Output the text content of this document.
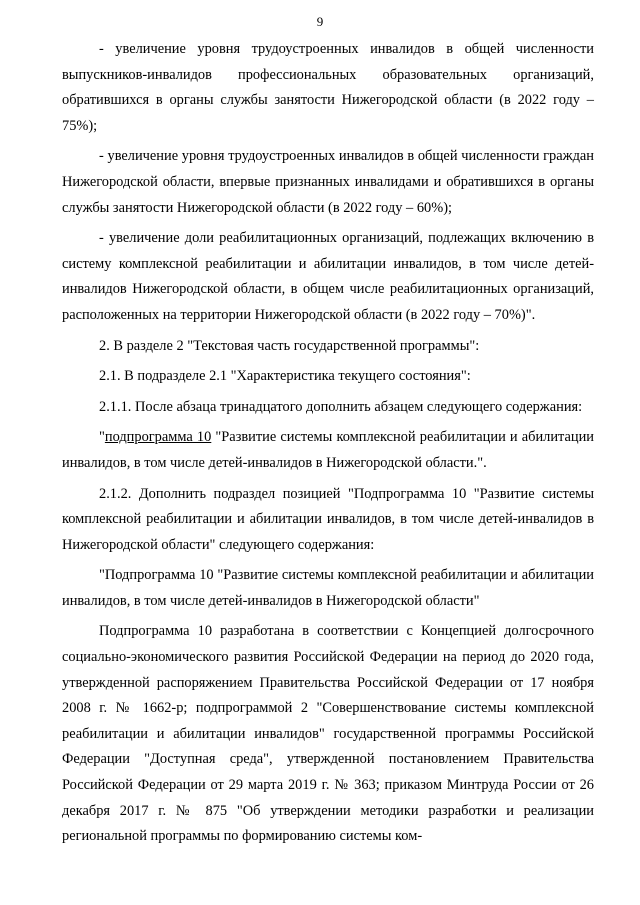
9

- увеличение уровня трудоустроенных инвалидов в общей численности выпускников-инвалидов профессиональных образовательных организаций, обратившихся в органы службы занятости Нижегородской области (в 2022 году – 75%);

- увеличение уровня трудоустроенных инвалидов в общей численности граждан Нижегородской области, впервые признанных инвалидами и обратившихся в органы службы занятости Нижегородской области (в 2022 году – 60%);

- увеличение доли реабилитационных организаций, подлежащих включению в систему комплексной реабилитации и абилитации инвалидов, в том числе детей-инвалидов Нижегородской области, в общем числе реабилитационных организаций, расположенных на территории Нижегородской области (в 2022 году – 70%)".

2. В разделе 2 "Текстовая часть государственной программы":

2.1. В подразделе 2.1 "Характеристика текущего состояния":

2.1.1. После абзаца тринадцатого дополнить абзацем следующего содержания:

"подпрограмма 10 "Развитие системы комплексной реабилитации и абилитации инвалидов, в том числе детей-инвалидов в Нижегородской области.".

2.1.2. Дополнить подраздел позицией "Подпрограмма 10 "Развитие системы комплексной реабилитации и абилитации инвалидов, в том числе детей-инвалидов в Нижегородской области" следующего содержания:

"Подпрограмма 10 "Развитие системы комплексной реабилитации и абилитации инвалидов, в том числе детей-инвалидов в Нижегородской области"

Подпрограмма 10 разработана в соответствии с Концепцией долгосрочного социально-экономического развития Российской Федерации на период до 2020 года, утвержденной распоряжением Правительства Российской Федерации от 17 ноября 2008 г. № 1662-р; подпрограммой 2 "Совершенствование системы комплексной реабилитации и абилитации инвалидов" государственной программы Российской Федерации "Доступная среда", утвержденной постановлением Правительства Российской Федерации от 29 марта 2019 г. № 363; приказом Минтруда России от 26 декабря 2017 г. № 875 "Об утверждении методики разработки и реализации региональной программы по формированию системы ком-
